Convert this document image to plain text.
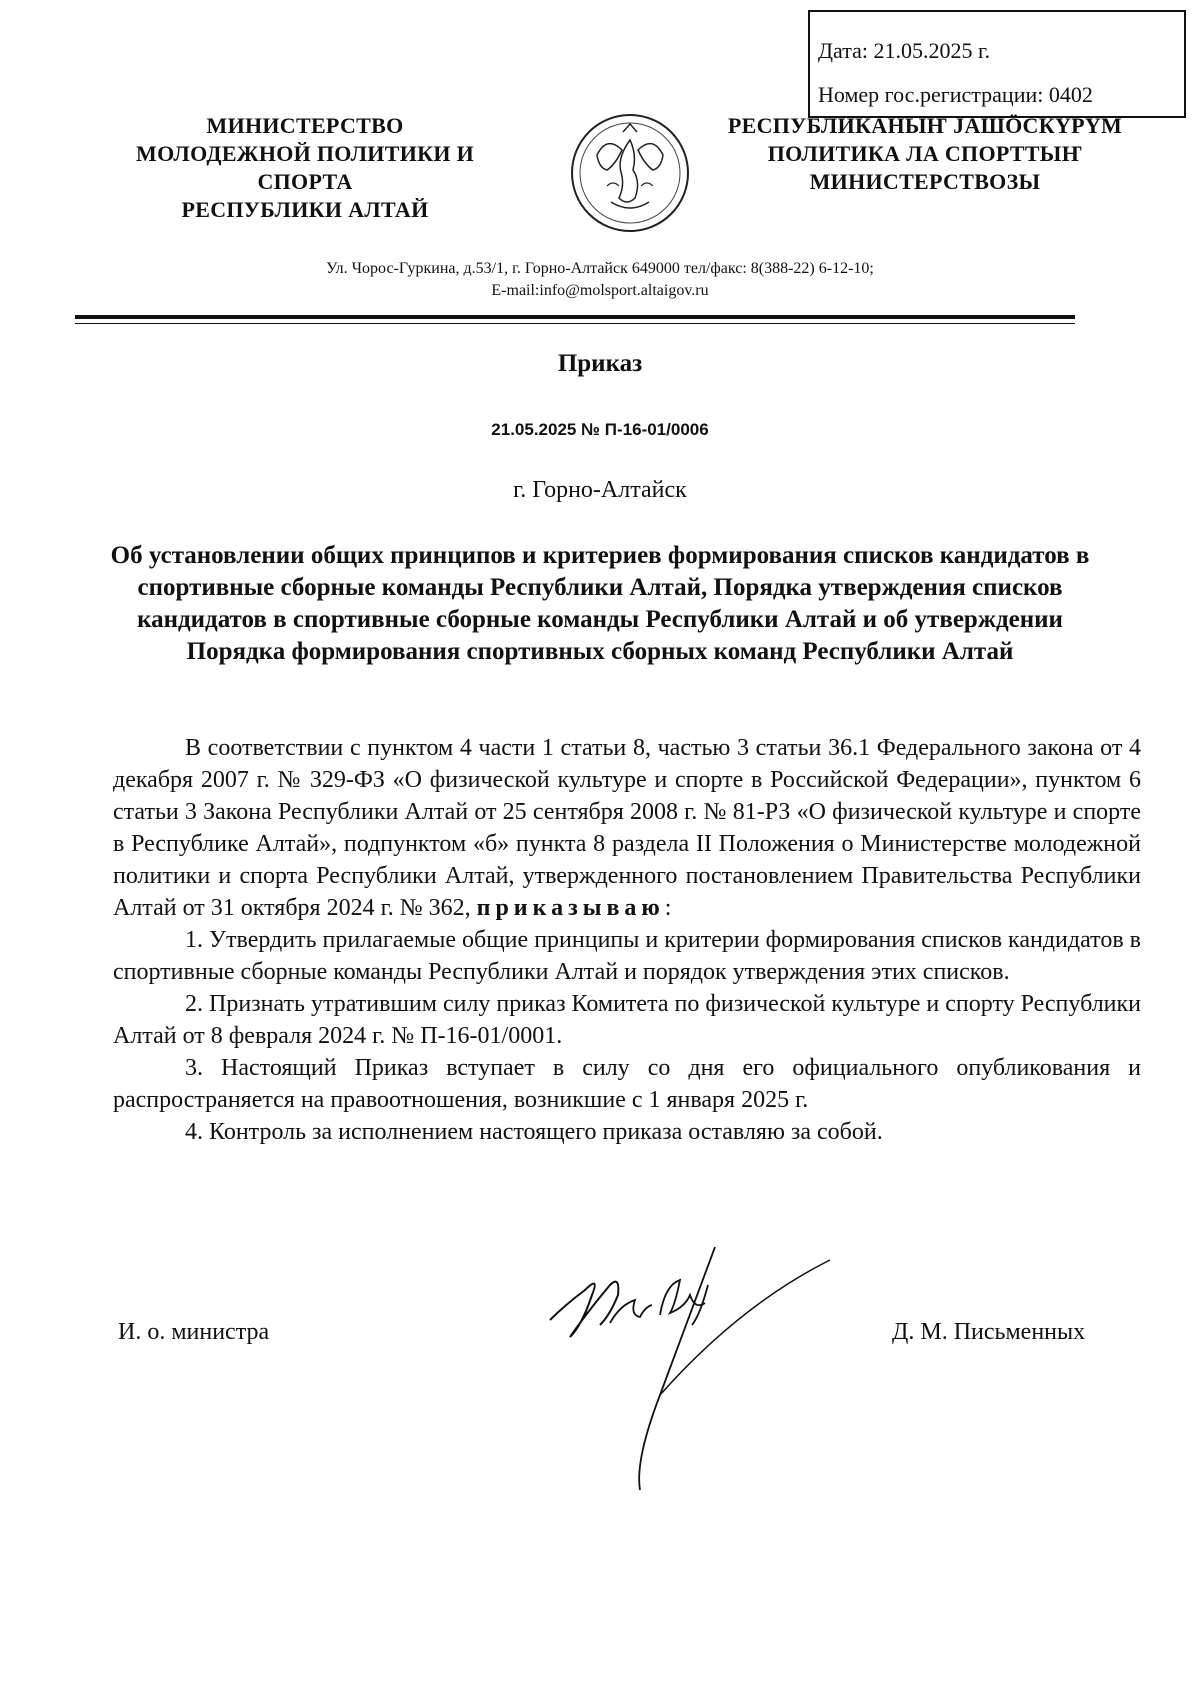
Дата: 21.05.2025 г.
Номер гос.регистрации: 0402
МИНИСТЕРСТВО
МОЛОДЕЖНОЙ ПОЛИТИКИ И
СПОРТА
РЕСПУБЛИКИ АЛТАЙ
РЕСПУБЛИКАНЫҤ JАШÖСКҮРҮМ
ПОЛИТИКА ЛА СПОРТТЫҤ
МИНИСТЕРСТВОЗЫ
Ул. Чорос-Гуркина, д.53/1, г. Горно-Алтайск 649000 тел/факс: 8(388-22) 6-12-10;
E-mail:info@molsport.altaigov.ru
Приказ
21.05.2025 № П-16-01/0006
г. Горно-Алтайск
Об установлении общих принципов и критериев формирования списков кандидатов в спортивные сборные команды Республики Алтай, Порядка утверждения списков кандидатов в спортивные сборные команды Республики Алтай и об утверждении Порядка формирования спортивных сборных команд Республики Алтай

В соответствии с пунктом 4 части 1 статьи 8, частью 3 статьи 36.1 Федерального закона от 4 декабря 2007 г. № 329-ФЗ «О физической культуре и спорте в Российской Федерации», пунктом 6 статьи 3 Закона Республики Алтай от 25 сентября 2008 г. № 81-РЗ «О физической культуре и спорте в Республике Алтай», подпунктом «б» пункта 8 раздела II Положения о Министерстве молодежной политики и спорта Республики Алтай, утвержденного постановлением Правительства Республики Алтай от 31 октября 2024 г. № 362, приказываю:

1. Утвердить прилагаемые общие принципы и критерии формирования списков кандидатов в спортивные сборные команды Республики Алтай и порядок утверждения этих списков.

2. Признать утратившим силу приказ Комитета по физической культуре и спорту Республики Алтай от 8 февраля 2024 г. № П-16-01/0001.

3. Настоящий Приказ вступает в силу со дня его официального опубликования и распространяется на правоотношения, возникшие с 1 января 2025 г.

4. Контроль за исполнением настоящего приказа оставляю за собой.

И. о. министра	Д. М. Письменных
